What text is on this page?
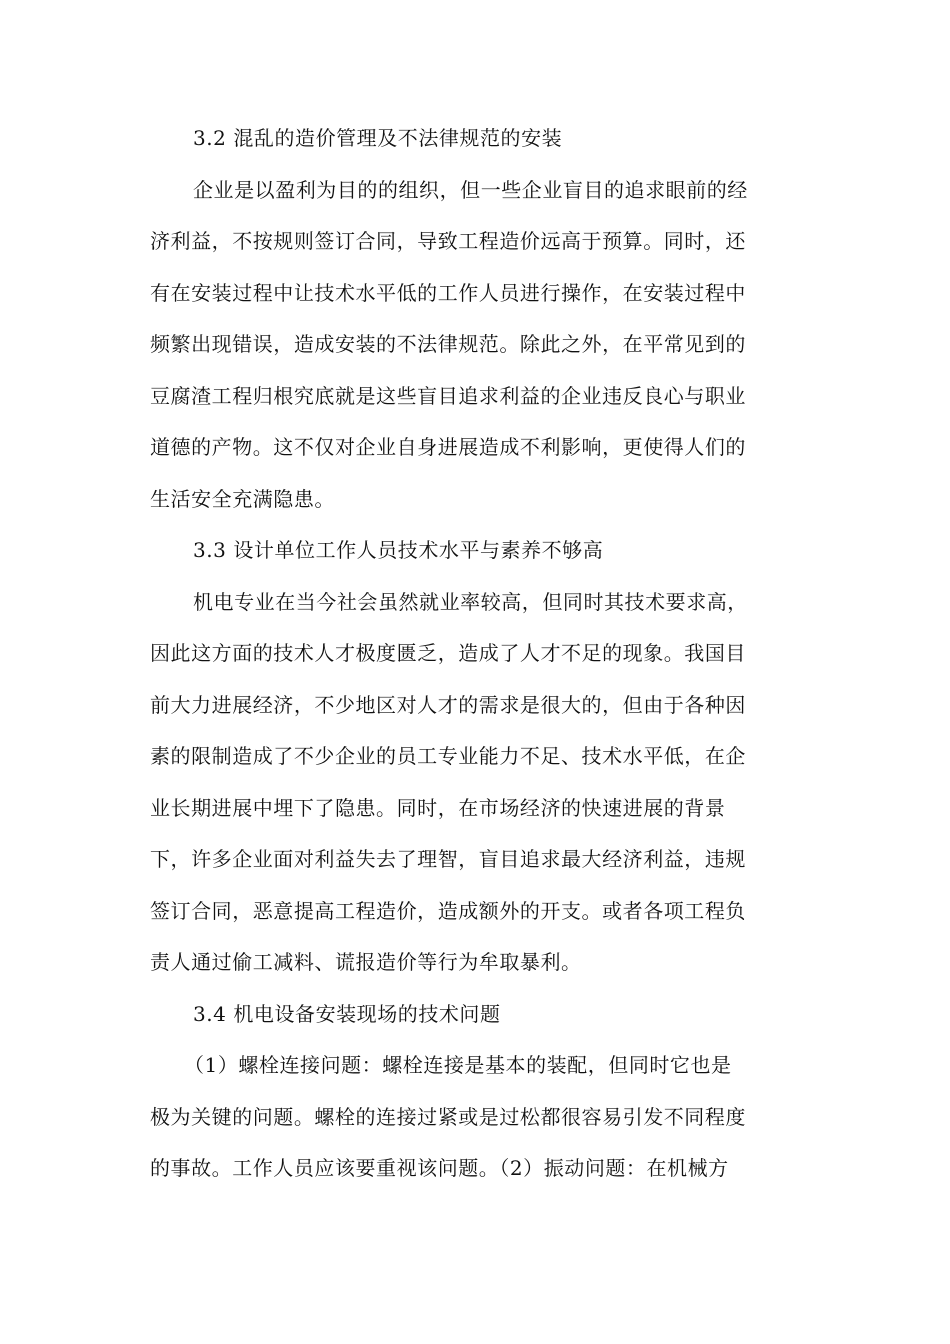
3.2 混乱的造价管理及不法律规范的安装
企业是以盈利为目的的组织，但一些企业盲目的追求眼前的经
济利益，不按规则签订合同，导致工程造价远高于预算。同时，还
有在安装过程中让技术水平低的工作人员进行操作，在安装过程中
频繁出现错误，造成安装的不法律规范。除此之外，在平常见到的
豆腐渣工程归根究底就是这些盲目追求利益的企业违反良心与职业
道德的产物。这不仅对企业自身进展造成不利影响，更使得人们的
生活安全充满隐患。
3.3 设计单位工作人员技术水平与素养不够高
机电专业在当今社会虽然就业率较高，但同时其技术要求高，
因此这方面的技术人才极度匮乏，造成了人才不足的现象。我国目
前大力进展经济，不少地区对人才的需求是很大的，但由于各种因
素的限制造成了不少企业的员工专业能力不足、技术水平低，在企
业长期进展中埋下了隐患。同时，在市场经济的快速进展的背景
下，许多企业面对利益失去了理智，盲目追求最大经济利益，违规
签订合同，恶意提高工程造价，造成额外的开支。或者各项工程负
责人通过偷工减料、谎报造价等行为牟取暴利。
3.4 机电设备安装现场的技术问题
（1）螺栓连接问题：螺栓连接是基本的装配，但同时它也是
极为关键的问题。螺栓的连接过紧或是过松都很容易引发不同程度
的事故。工作人员应该要重视该问题。（2）振动问题：在机械方
